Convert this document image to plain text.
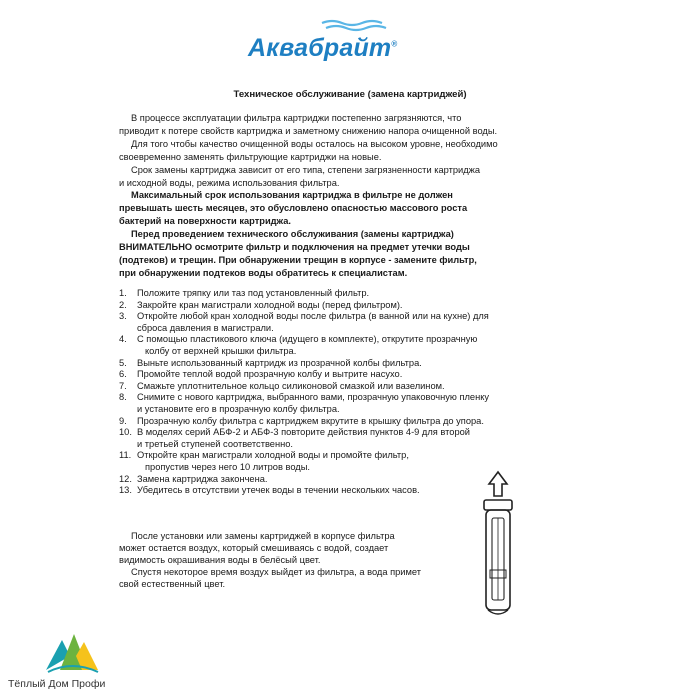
Аквабрайт®
Техническое обслуживание (замена картриджей)

В процессе эксплуатации фильтра картриджи постепенно загрязняются, что
приводит к потере свойств картриджа и заметному снижению напора очищенной воды.

Для того чтобы качество очищенной воды осталось на высоком уровне, необходимо
своевременно заменять фильтрующие картриджи на новые.

Срок замены картриджа зависит от его типа, степени загрязненности картриджа
и исходной воды, режима использования фильтра.

Максимальный срок использования картриджа в фильтре не должен
превышать шесть месяцев, это обусловлено опасностью массового роста
бактерий на поверхности картриджа.

Перед проведением технического обслуживания (замены картриджа)
ВНИМАТЕЛЬНО осмотрите фильтр и подключения на предмет утечки воды
(подтеков) и трещин. При обнаружении трещин в корпусе - замените фильтр,
при обнаружении подтеков воды обратитесь к специалистам.

1. Положите тряпку или таз под установленный фильтр.
2. Закройте кран магистрали холодной воды (перед фильтром).
3. Откройте любой кран холодной воды после фильтра (в ванной или на кухне) для
сброса давления в магистрали.
4. С помощью пластикового ключа (идущего в комплекте), открутите прозрачную
колбу от верхней крышки фильтра.
5. Выньте использованный картридж из прозрачной колбы фильтра.
6. Промойте теплой водой прозрачную колбу и вытрите насухо.
7. Смажьте уплотнительное кольцо силиконовой смазкой или вазелином.
8. Снимите с нового картриджа, выбранного вами, прозрачную упаковочную пленку
и установите его в прозрачную колбу фильтра.
9. Прозрачную колбу фильтра с картриджем вкрутите в крышку фильтра до упора.
10. В моделях серий АБФ-2 и АБФ-3 повторите действия пунктов 4-9 для второй
и третьей ступеней соответственно.
11. Откройте кран магистрали холодной воды и промойте фильтр,
пропустив через него 10 литров воды.
12. Замена картриджа закончена.
13. Убедитесь в отсутствии утечек воды в течении нескольких часов.

После установки или замены картриджей в корпусе фильтра
может остается воздух, который смешиваясь с водой, создает
видимость окрашивания воды в белёсый цвет.

Спустя некоторое время воздух выйдет из фильтра, а вода примет
свой естественный цвет.

Тёплый Дом Профи
